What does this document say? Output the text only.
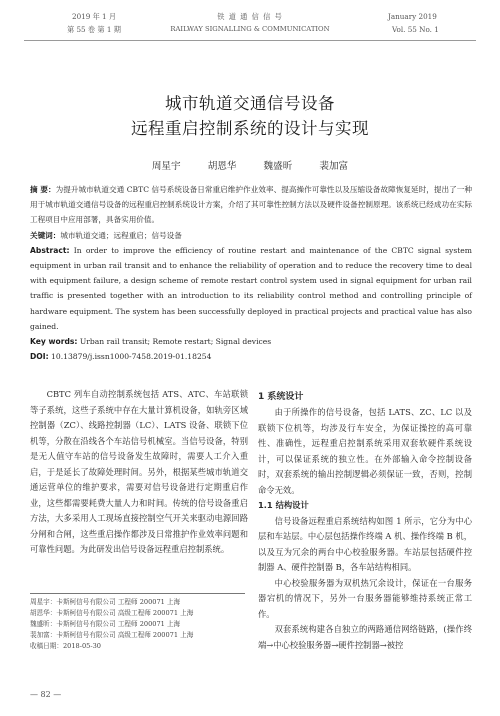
2019 年 1 月
第 55 卷 第 1 期
铁 道 通 信 信 号
RAILWAY SIGNALLING & COMMUNICATION
January 2019
Vol. 55 No. 1
城市轨道交通信号设备
远程重启控制系统的设计与实现
周星宇	胡恩华	魏盛昕	裴加富

摘 要：为提升城市轨道交通 CBTC 信号系统设备日常重启维护作业效率、提高操作可靠性以及压缩设备故障恢复延时，提出了一种用于城市轨道交通信号设备的远程重启控制系统设计方案，介绍了其可靠性控制方法以及硬件设备控制原理。该系统已经成功在实际工程项目中应用部署，具备实用价值。

关键词：城市轨道交通；远程重启；信号设备

Abstract: In order to improve the efficiency of routine restart and maintenance of the CBTC signal system equipment in urban rail transit and to enhance the reliability of operation and to reduce the recovery time to deal with equipment failure, a design scheme of remote restart control system used in signal equipment for urban rail traffic is presented together with an introduction to its reliability control method and controlling principle of hardware equipment. The system has been successfully deployed in practical projects and practical value has also gained.

Key words: Urban rail transit; Remote restart; Signal devices

DOI: 10.13879/j.issn1000-7458.2019-01.18254

CBTC 列车自动控制系统包括 ATS、ATC、车站联锁等子系统，这些子系统中存在大量计算机设备，如轨旁区域控制器（ZC）、线路控制器（LC）、LATS 设备、联锁下位机等，分散在沿线各个车站信号机械室。当信号设备，特别是无人值守车站的信号设备发生故障时，需要人工介入重启，于是延长了故障处理时间。另外，根据某些城市轨道交通运营单位的维护要求，需要对信号设备进行定期重启作业，这些都需要耗费大量人力和时间。传统的信号设备重启方法，大多采用人工现场直接控制空气开关来驱动电源回路分闸和合闸，这些重启操作都涉及日常推护作业效率问题和可靠性问题。为此研发出信号设备远程重启控制系统。

周星宇：卡斯柯信号有限公司 工程师 200071 上海
胡恩华：卡斯柯信号有限公司 高级工程师 200071 上海
魏盛昕：卡斯柯信号有限公司 工程师 200071 上海
裴加富：卡斯柯信号有限公司 高级工程师 200071 上海
收稿日期：2018-05-30
— 82 —
1 系统设计

由于所操作的信号设备，包括 LATS、ZC、LC 以及联锁下位机等，均涉及行车安全，为保证操控的高可靠性、准确性，远程重启控制系统采用双套软硬件系统设计，可以保证系统的独立性。在外部输入命令控制设备时，双套系统的输出控制逻辑必须保证一致，否则，控制命令无效。

1.1 结构设计

信号设备远程重启系统结构如图 1 所示，它分为中心层和车站层。中心层包括操作终端 A 机、操作终端 B 机，以及互为冗余的两台中心校验服务器。车站层包括硬件控制器 A、硬件控制器 B，各车站结构相同。

中心校验服务器为双机热冗余设计，保证在一台服务器宕机的情况下，另外一台服务器能够维持系统正常工作。

双套系统构建各自独立的两路通信网络链路，(操作终端→中心校验服务器→硬件控制器→被控
